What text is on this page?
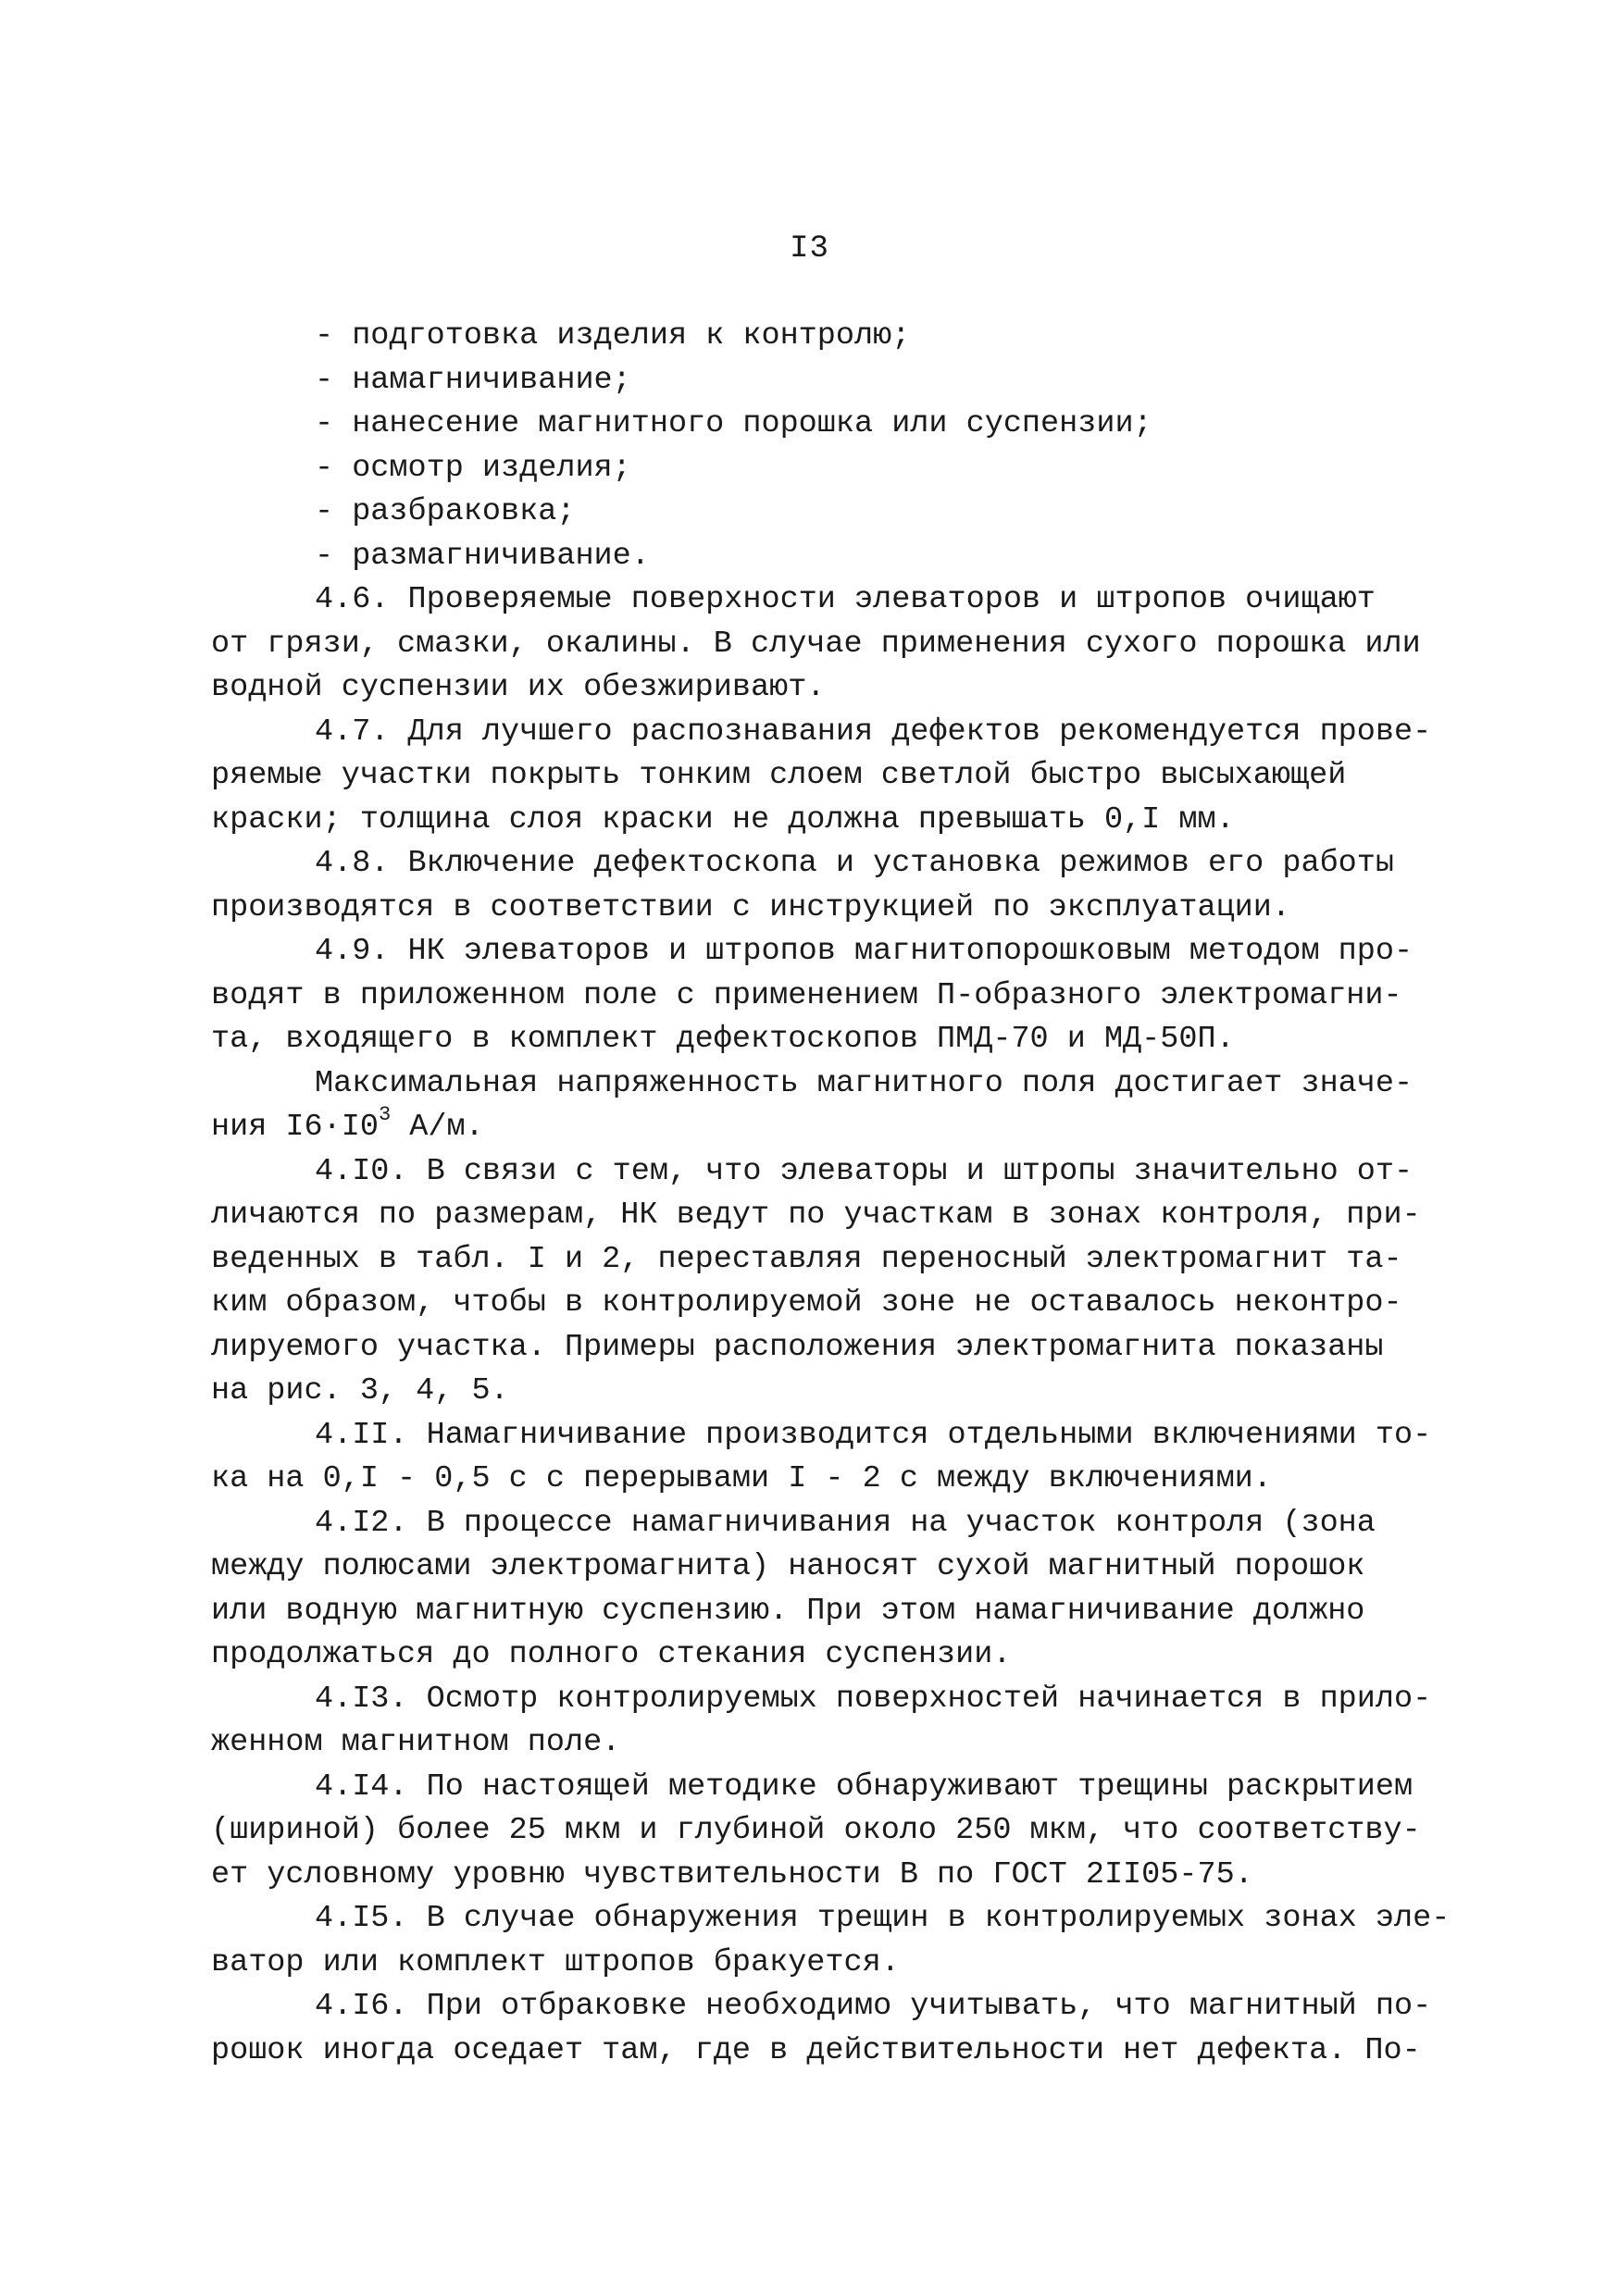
I3
- подготовка изделия к контролю;
- намагничивание;
- нанесение магнитного порошка или суспензии;
- осмотр изделия;
- разбраковка;
- размагничивание.
4.6. Проверяемые поверхности элеваторов и штропов очищают
от грязи, смазки, окалины. В случае применения сухого порошка или
водной суспензии их обезжиривают.
4.7. Для лучшего распознавания дефектов рекомендуется прове-
ряемые участки покрыть тонким слоем светлой быстро высыхающей
краски; толщина слоя краски не должна превышать 0,I мм.
4.8. Включение дефектоскопа и установка режимов его работы
производятся в соответствии с инструкцией по эксплуатации.
4.9. НК элеваторов и штропов магнитопорошковым методом про-
водят в приложенном поле с применением П-образного электромагни-
та, входящего в комплект дефектоскопов ПМД-70 и МД-50П.
Максимальная напряженность магнитного поля достигает значе-
ния $I6\cdot I0^3$ А/м.
4.I0. В связи с тем, что элеваторы и штропы значительно от-
личаются по размерам, НК ведут по участкам в зонах контроля, при-
веденных в табл. I и 2, переставляя переносный электромагнит та-
ким образом, чтобы в контролируемой зоне не оставалось неконтро-
лируемого участка. Примеры расположения электромагнита показаны
на рис. 3, 4, 5.
4.II. Намагничивание производится отдельными включениями то-
ка на 0,I - 0,5 с с перерывами I - 2 с между включениями.
4.I2. В процессе намагничивания на участок контроля (зона
между полюсами электромагнита) наносят сухой магнитный порошок
или водную магнитную суспензию. При этом намагничивание должно
продолжаться до полного стекания суспензии.
4.I3. Осмотр контролируемых поверхностей начинается в прило-
женном магнитном поле.
4.I4. По настоящей методике обнаруживают трещины раскрытием
(шириной) более 25 мкм и глубиной около 250 мкм, что соответству-
ет условному уровню чувствительности В по ГОСТ 2II05-75.
4.I5. В случае обнаружения трещин в контролируемых зонах эле-
ватор или комплект штропов бракуется.
4.I6. При отбраковке необходимо учитывать, что магнитный по-
рошок иногда оседает там, где в действительности нет дефекта. По-
